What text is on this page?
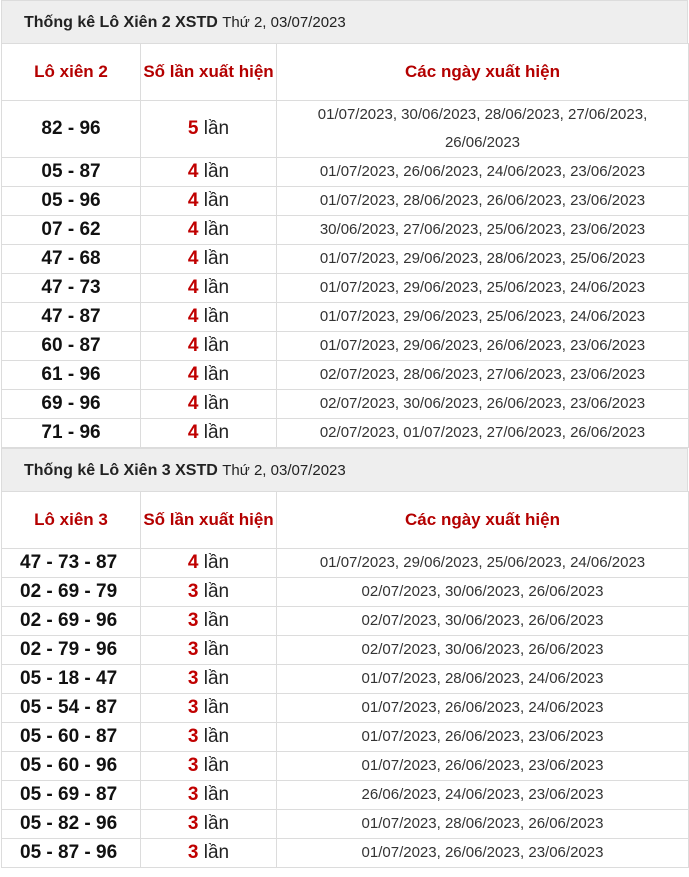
Thống kê Lô Xiên 2 XSTD Thứ 2, 03/07/2023
Lô xiên 2	Số lần xuất hiện	Các ngày xuất hiện
82 - 96	5 lần	01/07/2023, 30/06/2023, 28/06/2023, 27/06/2023, 26/06/2023
05 - 87	4 lần	01/07/2023, 26/06/2023, 24/06/2023, 23/06/2023
05 - 96	4 lần	01/07/2023, 28/06/2023, 26/06/2023, 23/06/2023
07 - 62	4 lần	30/06/2023, 27/06/2023, 25/06/2023, 23/06/2023
47 - 68	4 lần	01/07/2023, 29/06/2023, 28/06/2023, 25/06/2023
47 - 73	4 lần	01/07/2023, 29/06/2023, 25/06/2023, 24/06/2023
47 - 87	4 lần	01/07/2023, 29/06/2023, 25/06/2023, 24/06/2023
60 - 87	4 lần	01/07/2023, 29/06/2023, 26/06/2023, 23/06/2023
61 - 96	4 lần	02/07/2023, 28/06/2023, 27/06/2023, 23/06/2023
69 - 96	4 lần	02/07/2023, 30/06/2023, 26/06/2023, 23/06/2023
71 - 96	4 lần	02/07/2023, 01/07/2023, 27/06/2023, 26/06/2023
Thống kê Lô Xiên 3 XSTD Thứ 2, 03/07/2023
Lô xiên 3	Số lần xuất hiện	Các ngày xuất hiện
47 - 73 - 87	4 lần	01/07/2023, 29/06/2023, 25/06/2023, 24/06/2023
02 - 69 - 79	3 lần	02/07/2023, 30/06/2023, 26/06/2023
02 - 69 - 96	3 lần	02/07/2023, 30/06/2023, 26/06/2023
02 - 79 - 96	3 lần	02/07/2023, 30/06/2023, 26/06/2023
05 - 18 - 47	3 lần	01/07/2023, 28/06/2023, 24/06/2023
05 - 54 - 87	3 lần	01/07/2023, 26/06/2023, 24/06/2023
05 - 60 - 87	3 lần	01/07/2023, 26/06/2023, 23/06/2023
05 - 60 - 96	3 lần	01/07/2023, 26/06/2023, 23/06/2023
05 - 69 - 87	3 lần	26/06/2023, 24/06/2023, 23/06/2023
05 - 82 - 96	3 lần	01/07/2023, 28/06/2023, 26/06/2023
05 - 87 - 96	3 lần	01/07/2023, 26/06/2023, 23/06/2023
